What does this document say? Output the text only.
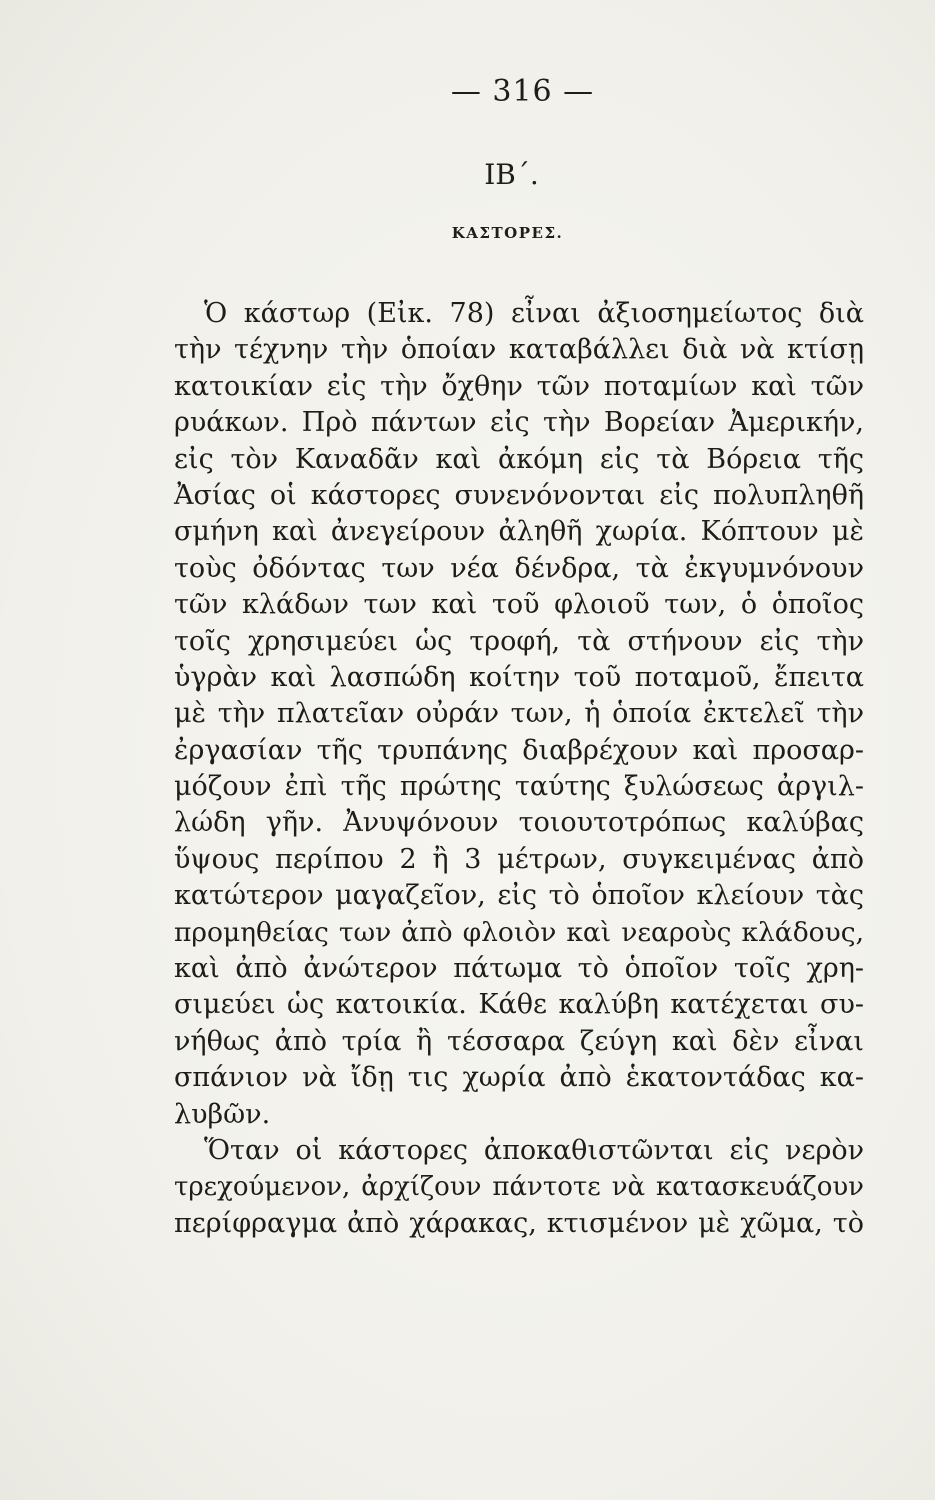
— 316 —
ΙΒ΄.
ΚΑΣΤΟΡΕΣ.
Ὁ κάστωρ (Εἰκ. 78) εἶναι ἀξιοσημείωτος διὰ
τὴν τέχνην τὴν ὁποίαν καταβάλλει διὰ νὰ κτίσῃ
κατοικίαν εἰς τὴν ὄχθην τῶν ποταμίων καὶ τῶν
ρυάκων. Πρὸ πάντων εἰς τὴν Βορείαν Ἀμερικήν,
εἰς τὸν Καναδᾶν καὶ ἀκόμη εἰς τὰ Βόρεια τῆς
Ἀσίας οἱ κάστορες συνενόνονται εἰς πολυπληθῆ
σμήνη καὶ ἀνεγείρουν ἀληθῆ χωρία. Κόπτουν μὲ
τοὺς ὀδόντας των νέα δένδρα, τὰ ἐκγυμνόνουν
τῶν κλάδων των καὶ τοῦ φλοιοῦ των, ὁ ὁποῖος
τοῖς χρησιμεύει ὡς τροφή, τὰ στήνουν εἰς τὴν
ὑγρὰν καὶ λασπώδη κοίτην τοῦ ποταμοῦ, ἔπειτα
μὲ τὴν πλατεῖαν οὐράν των, ἡ ὁποία ἐκτελεῖ τὴν
ἐργασίαν τῆς τρυπάνης διαβρέχουν καὶ προσαρ-
μόζουν ἐπὶ τῆς πρώτης ταύτης ξυλώσεως ἀργιλ-
λώδη γῆν. Ἀνυψόνουν τοιουτοτρόπως καλύβας
ὕψους περίπου 2 ἢ 3 μέτρων, συγκειμένας ἀπὸ
κατώτερον μαγαζεῖον, εἰς τὸ ὁποῖον κλείουν τὰς
προμηθείας των ἀπὸ φλοιὸν καὶ νεαροὺς κλάδους,
καὶ ἀπὸ ἀνώτερον πάτωμα τὸ ὁποῖον τοῖς χρη-
σιμεύει ὡς κατοικία. Κάθε καλύβη κατέχεται συ-
νήθως ἀπὸ τρία ἢ τέσσαρα ζεύγη καὶ δὲν εἶναι
σπάνιον νὰ ἴδῃ τις χωρία ἀπὸ ἑκατοντάδας κα-
λυβῶν.
Ὅταν οἱ κάστορες ἀποκαθιστῶνται εἰς νερὸν
τρεχούμενον, ἀρχίζουν πάντοτε νὰ κατασκευάζουν
περίφραγμα ἀπὸ χάρακας, κτισμένον μὲ χῶμα, τὸ
